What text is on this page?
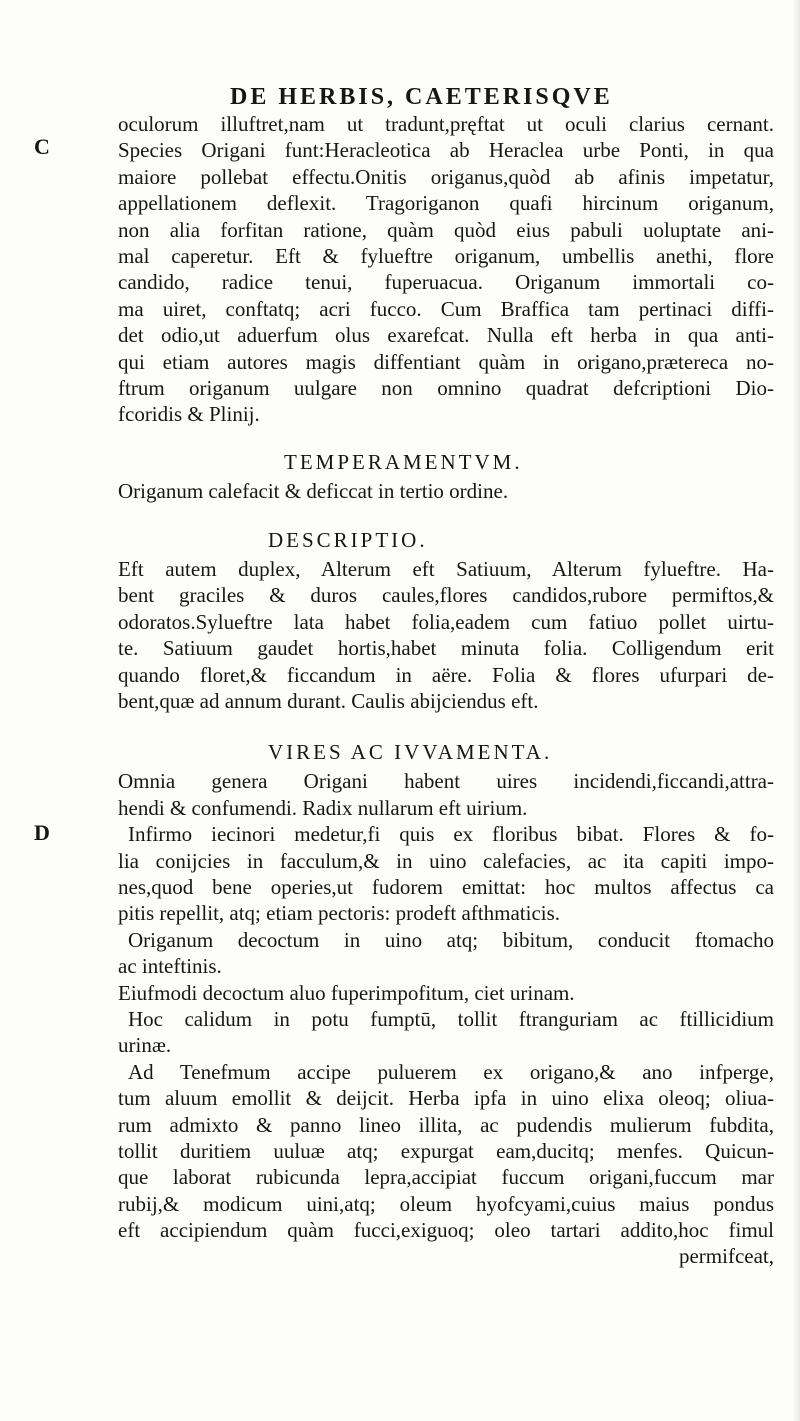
DE HERBIS, CAETERISQVE
C
D
oculorum illuftret,nam ut tradunt,pręftat ut oculi clarius cernant.
Species Origani funt:Heracleotica ab Heraclea urbe Ponti, in qua
maiore pollebat effectu.Onitis origanus,quòd ab afinis impetatur,
appellationem deflexit. Tragoriganon quafi hircinum origanum,
non alia forfitan ratione, quàm quòd eius pabuli uoluptate ani-
mal caperetur. Eft & fylueftre origanum, umbellis anethi, flore
candido, radice tenui, fuperuacua. Origanum immortali co-
ma uiret, conftatq; acri fucco. Cum Braffica tam pertinaci diffi-
det odio,ut aduerfum olus exarefcat. Nulla eft herba in qua anti-
qui etiam autores magis diffentiant quàm in origano,prætereca no-
ftrum origanum uulgare non omnino quadrat defcriptioni Dio-
fcoridis & Plinij.
TEMPERAMENTVM.
Origanum calefacit & deficcat in tertio ordine.
DESCRIPTIO.
Eft autem duplex, Alterum eft Satiuum, Alterum fylueftre. Ha-
bent graciles & duros caules,flores candidos,rubore permiftos,&
odoratos.Sylueftre lata habet folia,eadem cum fatiuo pollet uirtu-
te. Satiuum gaudet hortis,habet minuta folia. Colligendum erit
quando floret,& ficcandum in aëre. Folia & flores ufurpari de-
bent,quæ ad annum durant. Caulis abijciendus eft.
VIRES AC IVVAMENTA.
Omnia genera Origani habent uires incidendi,ficcandi,attra-
hendi & confumendi. Radix nullarum eft uirium.
Infirmo iecinori medetur,fi quis ex floribus bibat. Flores & fo-
lia conijcies in facculum,& in uino calefacies, ac ita capiti impo-
nes,quod bene operies,ut fudorem emittat: hoc multos affectus ca
pitis repellit, atq; etiam pectoris: prodeft afthmaticis.
Origanum decoctum in uino atq; bibitum, conducit ftomacho
ac inteftinis.
Eiufmodi decoctum aluo fuperimpofitum, ciet urinam.
Hoc calidum in potu fumptū, tollit ftranguriam ac ftillicidium
urinæ.
Ad Tenefmum accipe puluerem ex origano,& ano infperge,
tum aluum emollit & deijcit. Herba ipfa in uino elixa oleoq; oliua-
rum admixto & panno lineo illita, ac pudendis mulierum fubdita,
tollit duritiem uuluæ atq; expurgat eam,ducitq; menfes. Quicun-
que laborat rubicunda lepra,accipiat fuccum origani,fuccum mar
rubij,& modicum uini,atq; oleum hyofcyami,cuius maius pondus
eft accipiendum quàm fucci,exiguoq; oleo tartari addito,hoc fimul
permifceat,
